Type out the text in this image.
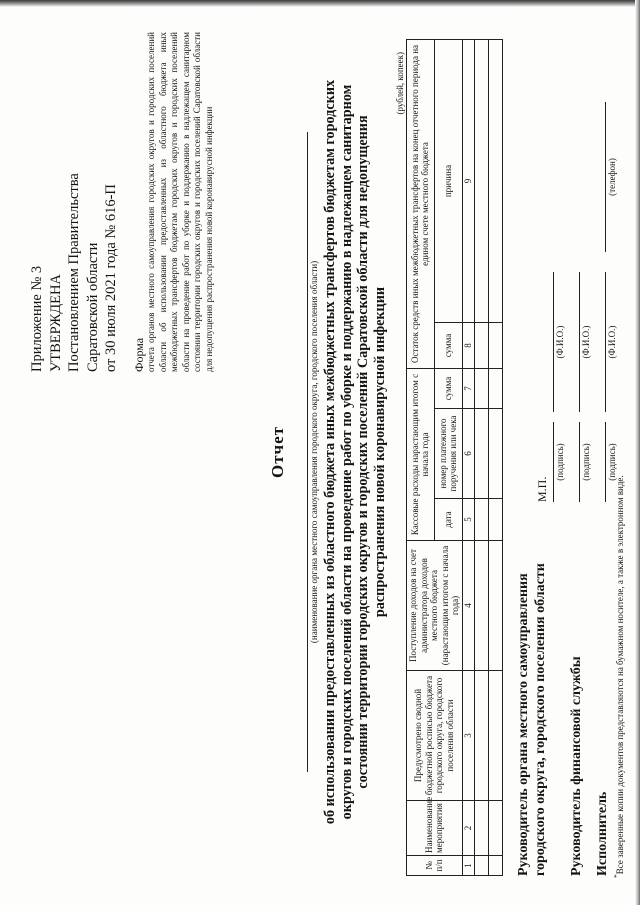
Приложение № 3 УТВЕРЖДЕНА Постановлением Правительства Саратовской области от 30 июля 2021 года № 616-П Форма отчета органов местного самоуправления городских округов и городских поселений области об использовании предоставленных из областного бюджета иных межбюджетных трансфертов бюджетам городских округов и городских поселений области на проведение работ по уборке и поддержанию в надлежащем санитарном состоянии территории городских округов и городских поселений Саратовской области для недопущения распространения новой коронавирусной инфекции
Отчет (наименование органа местного самоуправления городского округа, городского поселения области) об использовании предоставленных из областного бюджета иных межбюджетных трансфертов бюджетам городских округов и городских поселений области на проведение работ по уборке и поддержанию в надлежащем санитарном состоянии территории городских округов и городских поселений Саратовской области для недопущения распространения новой коронавирусной инфекции
(рублей, копеек)
№ п/п	Наименование мероприятия	Предусмотрено сводной бюджетной росписью бюджета городского округа, городского поселения области	Поступление доходов на счет администратора доходов местного бюджета (нарастающим итогом с начала года)	Кассовые расходы нарастающим итогом с начала года			Остаток средств иных межбюджетных трансфертов на конец отчетного периода на едином счете местного бюджета	
				дата	номер платежного поручения или чека	сумма	сумма	причина
1	2	3	4	5	6	7	8	9

Руководитель органа местного самоуправления городского округа, городского поселения области
М.П.
(подпись)
(Ф.И.О.)
Руководитель финансовой службы
(подпись)
(Ф.И.О.)
Исполнитель
(подпись)
(Ф.И.О.)
(телефон)
*Все заверенные копии документов представляются на бумажном носителе, а также в электронном виде.
